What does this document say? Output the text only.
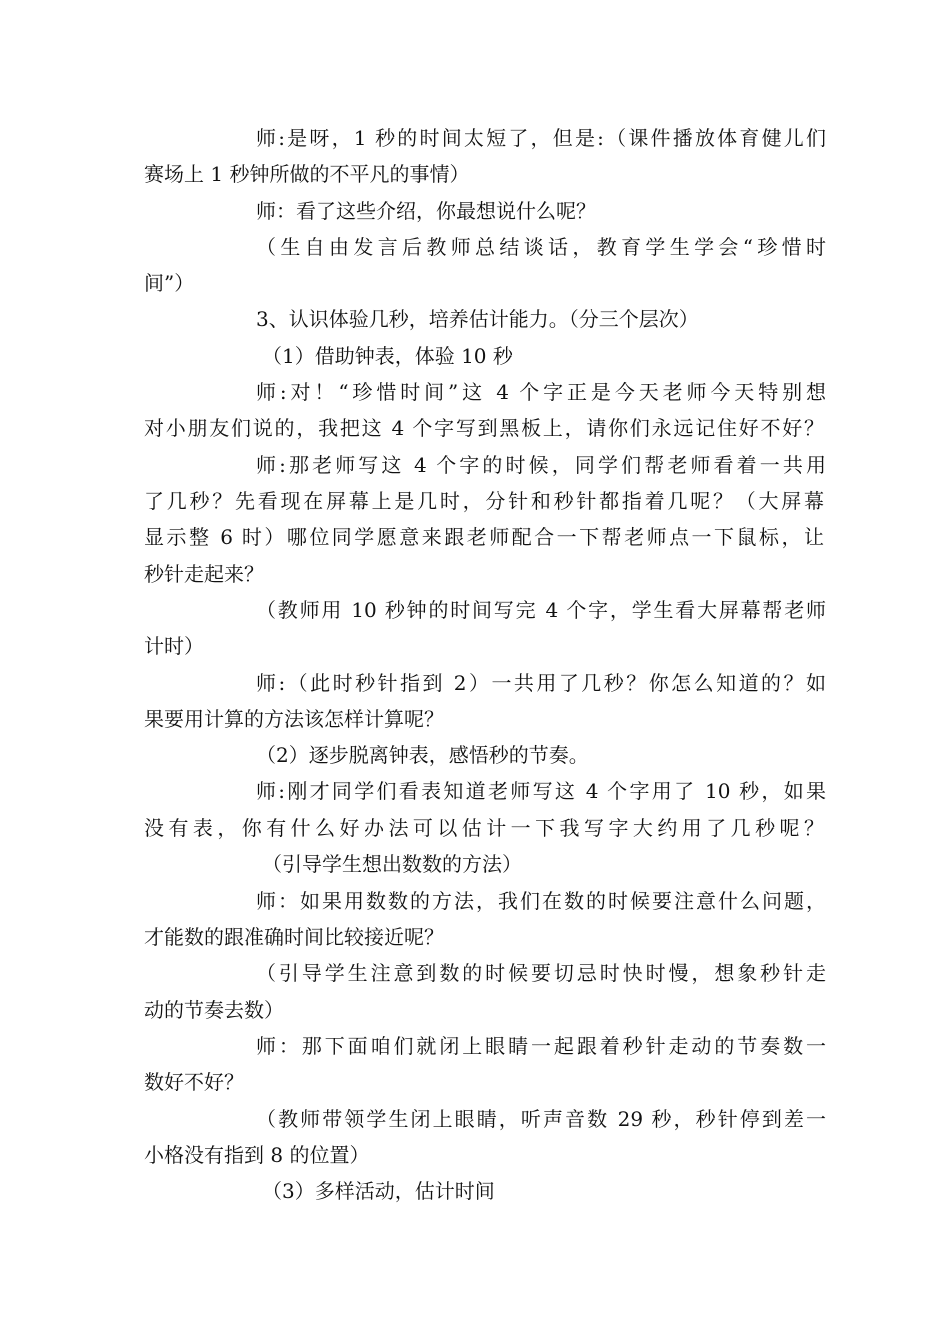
师:是呀，1 秒的时间太短了，但是:（课件播放体育健儿们
赛场上 1 秒钟所做的不平凡的事情）
师：看了这些介绍，你最想说什么呢？
（生自由发言后教师总结谈话，教育学生学会“珍惜时
间”）
3、认识体验几秒，培养估计能力。（分三个层次）
（1）借助钟表，体验 10 秒
师:对！“珍惜时间”这 4 个字正是今天老师今天特别想
对小朋友们说的，我把这 4 个字写到黑板上，请你们永远记住好不好？
师:那老师写这 4 个字的时候，同学们帮老师看着一共用
了几秒？先看现在屏幕上是几时，分针和秒针都指着几呢？（大屏幕
显示整 6 时）哪位同学愿意来跟老师配合一下帮老师点一下鼠标，让
秒针走起来？
（教师用 10 秒钟的时间写完 4 个字，学生看大屏幕帮老师
计时）
师:（此时秒针指到 2）一共用了几秒？你怎么知道的？如
果要用计算的方法该怎样计算呢？
（2）逐步脱离钟表，感悟秒的节奏。
师:刚才同学们看表知道老师写这 4 个字用了 10 秒，如果
没有表，你有什么好办法可以估计一下我写字大约用了几秒呢？
（引导学生想出数数的方法）
师：如果用数数的方法，我们在数的时候要注意什么问题，
才能数的跟准确时间比较接近呢？
（引导学生注意到数的时候要切忌时快时慢，想象秒针走
动的节奏去数）
师：那下面咱们就闭上眼睛一起跟着秒针走动的节奏数一
数好不好？
（教师带领学生闭上眼睛，听声音数 29 秒，秒针停到差一
小格没有指到 8 的位置）
（3）多样活动，估计时间
